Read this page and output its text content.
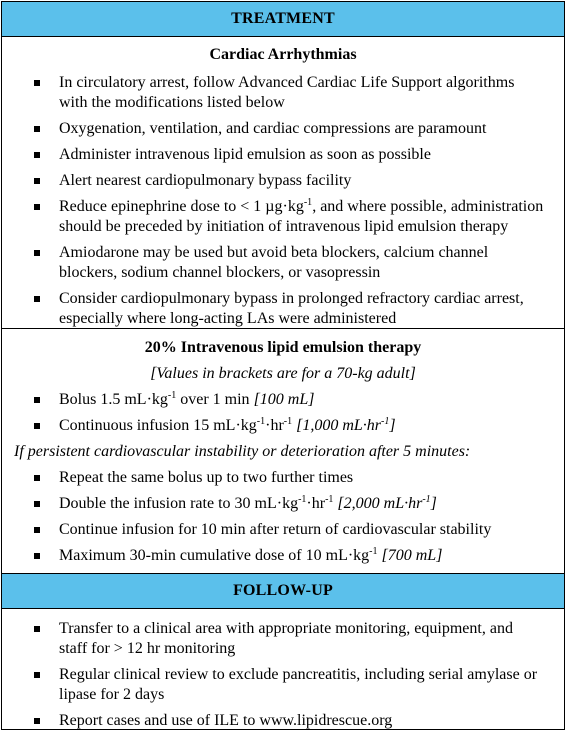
TREATMENT
Cardiac Arrhythmias
In circulatory arrest, follow Advanced Cardiac Life Support algorithms with the modifications listed below
Oxygenation, ventilation, and cardiac compressions are paramount
Administer intravenous lipid emulsion as soon as possible
Alert nearest cardiopulmonary bypass facility
Reduce epinephrine dose to < 1 $\mu g\cdot kg^{-1}$, and where possible, administration should be preceded by initiation of intravenous lipid emulsion therapy
Amiodarone may be used but avoid beta blockers, calcium channel blockers, sodium channel blockers, or vasopressin
Consider cardiopulmonary bypass in prolonged refractory cardiac arrest, especially where long-acting LAs were administered
20% Intravenous lipid emulsion therapy
[Values in brackets are for a 70-kg adult]
Bolus 1.5 $mL\cdot kg^{-1}$ over 1 min [100 mL]
Continuous infusion 15 $mL\cdot kg^{-1}\cdot hr^{-1}$ [1,000 $mL\cdot hr^{-1}$]
If persistent cardiovascular instability or deterioration after 5 minutes:
Repeat the same bolus up to two further times
Double the infusion rate to 30 $mL\cdot kg^{-1}\cdot hr^{-1}$ [2,000 $mL\cdot hr^{-1}$]
Continue infusion for 10 min after return of cardiovascular stability
Maximum 30-min cumulative dose of 10 $mL\cdot kg^{-1}$ [700 mL]
FOLLOW-UP
Transfer to a clinical area with appropriate monitoring, equipment, and staff for > 12 hr monitoring
Regular clinical review to exclude pancreatitis, including serial amylase or lipase for 2 days
Report cases and use of ILE to www.lipidrescue.org
